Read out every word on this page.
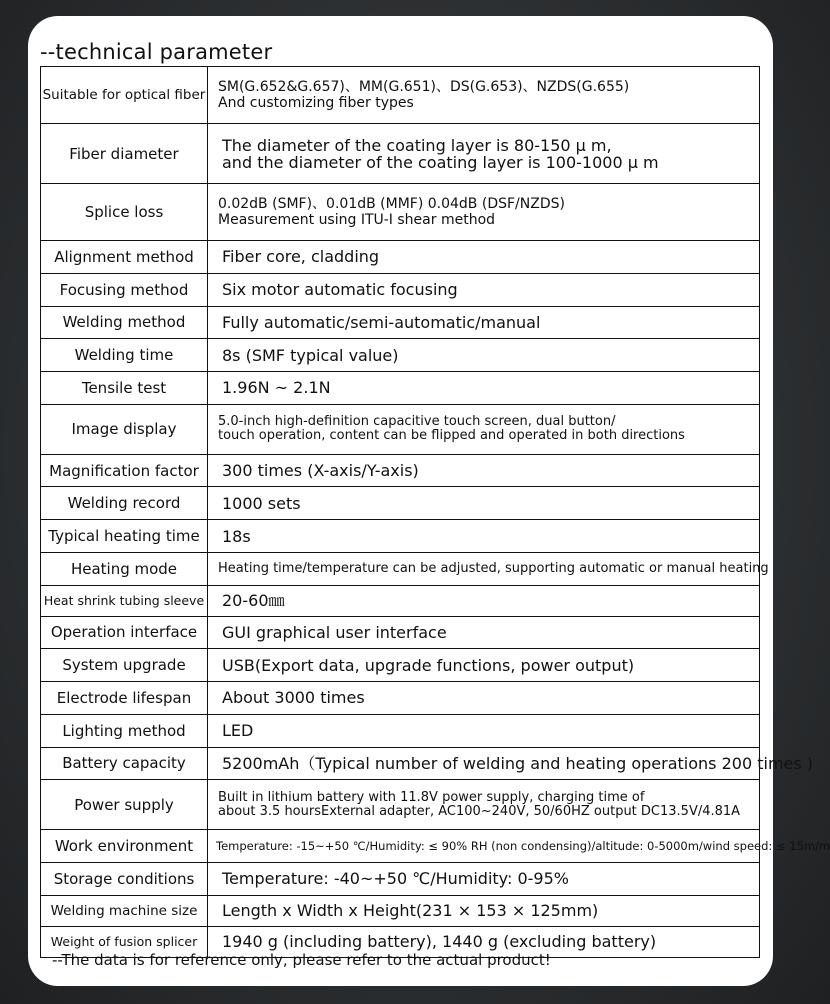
--technical parameter
Suitable for optical fiber	SM(G.652&G.657)、MM(G.651)、DS(G.653)、NZDS(G.655)
And customizing fiber types

Fiber diameter	The diameter of the coating layer is 80-150 μ m,
and the diameter of the coating layer is 100-1000 μ m

Splice loss	0.02dB (SMF)、0.01dB (MMF) 0.04dB (DSF/NZDS)
Measurement using ITU-I shear method

Alignment method	Fiber core, cladding

Focusing method	Six motor automatic focusing

Welding method	Fully automatic/semi-automatic/manual

Welding time	8s (SMF typical value)

Tensile test	1.96N ~ 2.1N

Image display	5.0-inch high-definition capacitive touch screen, dual button/
touch operation, content can be flipped and operated in both directions

Magnification factor	300 times (X-axis/Y-axis)

Welding record	1000 sets

Typical heating time	18s

Heating mode	Heating time/temperature can be adjusted, supporting automatic or manual heating

Heat shrink tubing sleeve	20-60㎜

Operation interface	GUI graphical user interface

System upgrade	USB(Export data, upgrade functions, power output)

Electrode lifespan	About 3000 times

Lighting method	LED

Battery capacity	5200mAh（Typical number of welding and heating operations 200 times )

Power supply	Built in lithium battery with 11.8V power supply, charging time of
about 3.5 hoursExternal adapter, AC100~240V, 50/60HZ output DC13.5V/4.81A

Work environment	Temperature: -15~+50 ℃/Humidity: ≤ 90% RH (non condensing)/altitude: 0-5000m/wind speed: ≤ 15m/m

Storage conditions	Temperature: -40~+50 ℃/Humidity: 0-95%

Welding machine size	Length x Width x Height(231 × 153 × 125mm)

Weight of fusion splicer	1940 g (including battery), 1440 g (excluding battery)
--The data is for reference only, please refer to the actual product!
